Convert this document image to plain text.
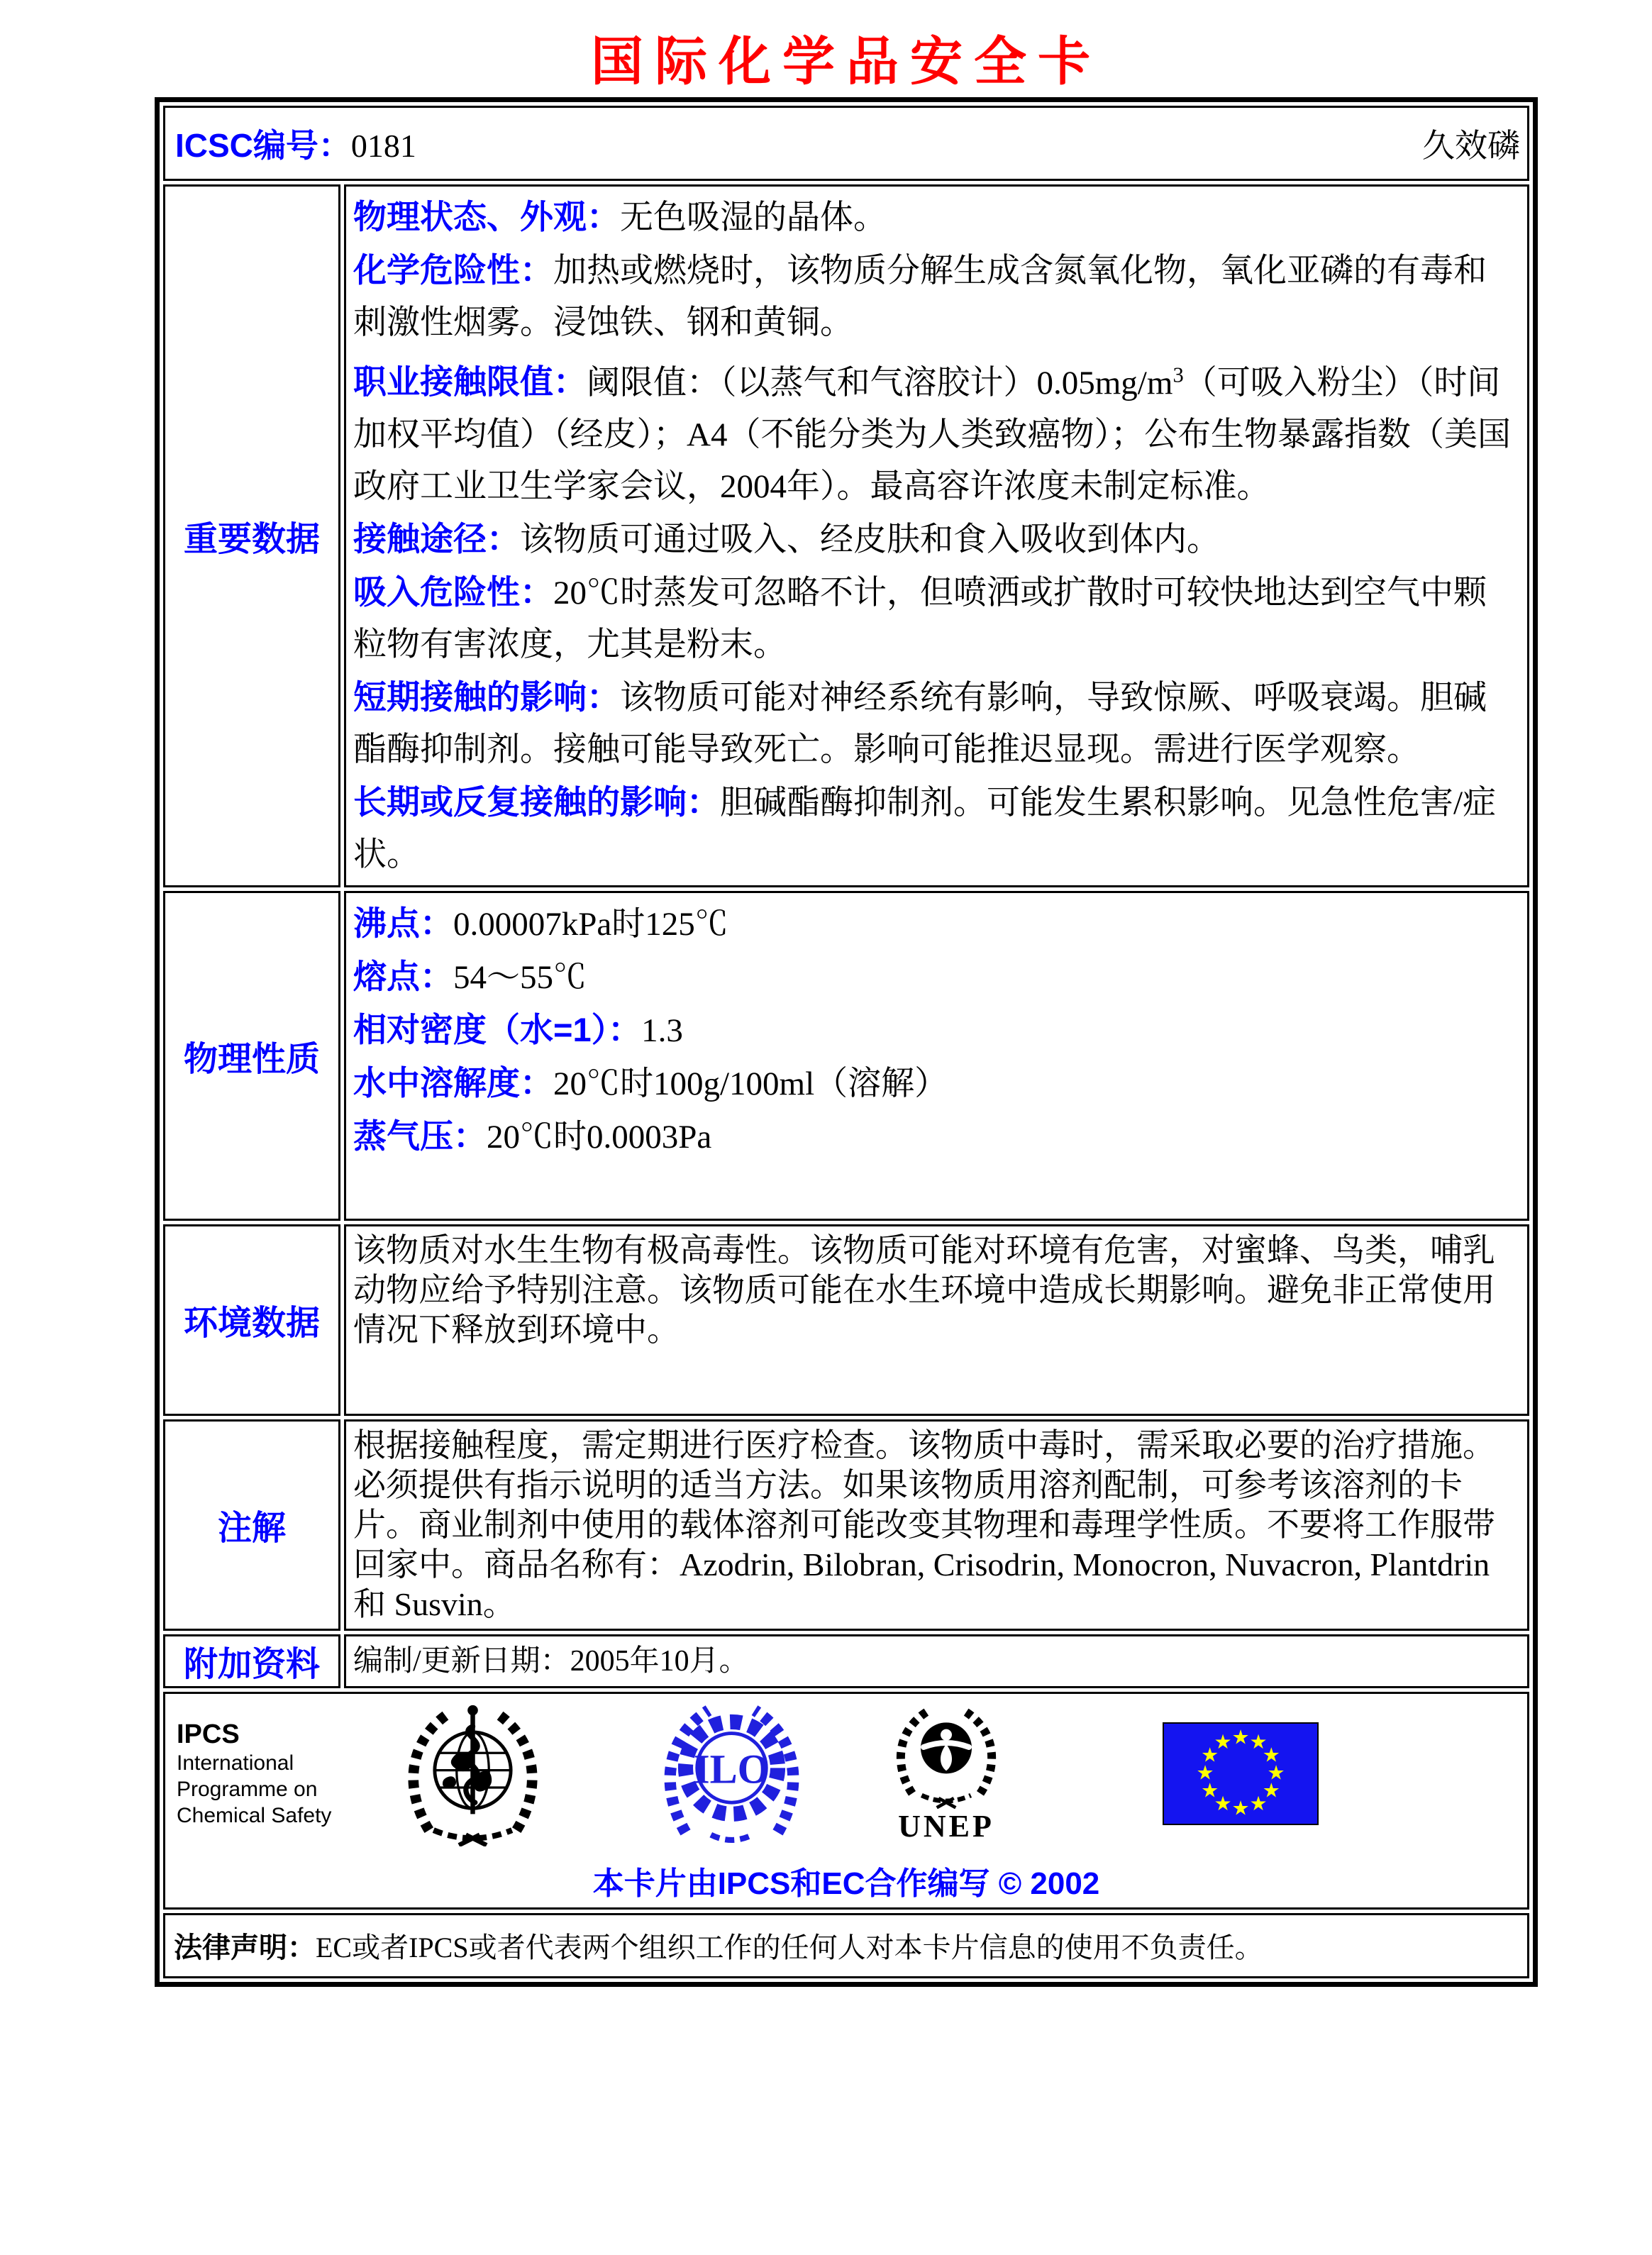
国际化学品安全卡
ICSC编号：0181	久效磷
重要数据

物理状态、外观：无色吸湿的晶体。

化学危险性：加热或燃烧时，该物质分解生成含氮氧化物，氧化亚磷的有毒和刺激性烟雾。浸蚀铁、钢和黄铜。

职业接触限值：阈限值：（以蒸气和气溶胶计）$0.05mg/m^3$（可吸入粉尘）（时间加权平均值）（经皮）；A4（不能分类为人类致癌物）；公布生物暴露指数（美国政府工业卫生学家会议，2004年）。最高容许浓度未制定标准。

接触途径：该物质可通过吸入、经皮肤和食入吸收到体内。

吸入危险性：20℃时蒸发可忽略不计，但喷洒或扩散时可较快地达到空气中颗粒物有害浓度，尤其是粉末。

短期接触的影响：该物质可能对神经系统有影响，导致惊厥、呼吸衰竭。胆碱酯酶抑制剂。接触可能导致死亡。影响可能推迟显现。需进行医学观察。

长期或反复接触的影响：胆碱酯酶抑制剂。可能发生累积影响。见急性危害/症状。

物理性质

沸点：0.00007kPa时125℃

熔点：54～55℃

相对密度（水=1）：1.3

水中溶解度：20℃时100g/100ml（溶解）

蒸气压：20℃时0.0003Pa

环境数据

该物质对水生生物有极高毒性。该物质可能对环境有危害，对蜜蜂、鸟类，哺乳动物应给予特别注意。该物质可能在水生环境中造成长期影响。避免非正常使用情况下释放到环境中。

注解

根据接触程度，需定期进行医疗检查。该物质中毒时，需采取必要的治疗措施。必须提供有指示说明的适当方法。如果该物质用溶剂配制，可参考该溶剂的卡片。商业制剂中使用的载体溶剂可能改变其物理和毒理学性质。不要将工作服带回家中。商品名称有：Azodrin, Bilobran, Crisodrin, Monocron, Nuvacron, Plantdrin和 Susvin。

附加资料	编制/更新日期：2005年10月。

IPCS
International Programme on Chemical Safety
ILO
UNEP
★ ★
★
★
★
★
★
★
★
★
★
★
本卡片由IPCS和EC合作编写 © 2002
法律声明：EC或者IPCS或者代表两个组织工作的任何人对本卡片信息的使用不负责任。
